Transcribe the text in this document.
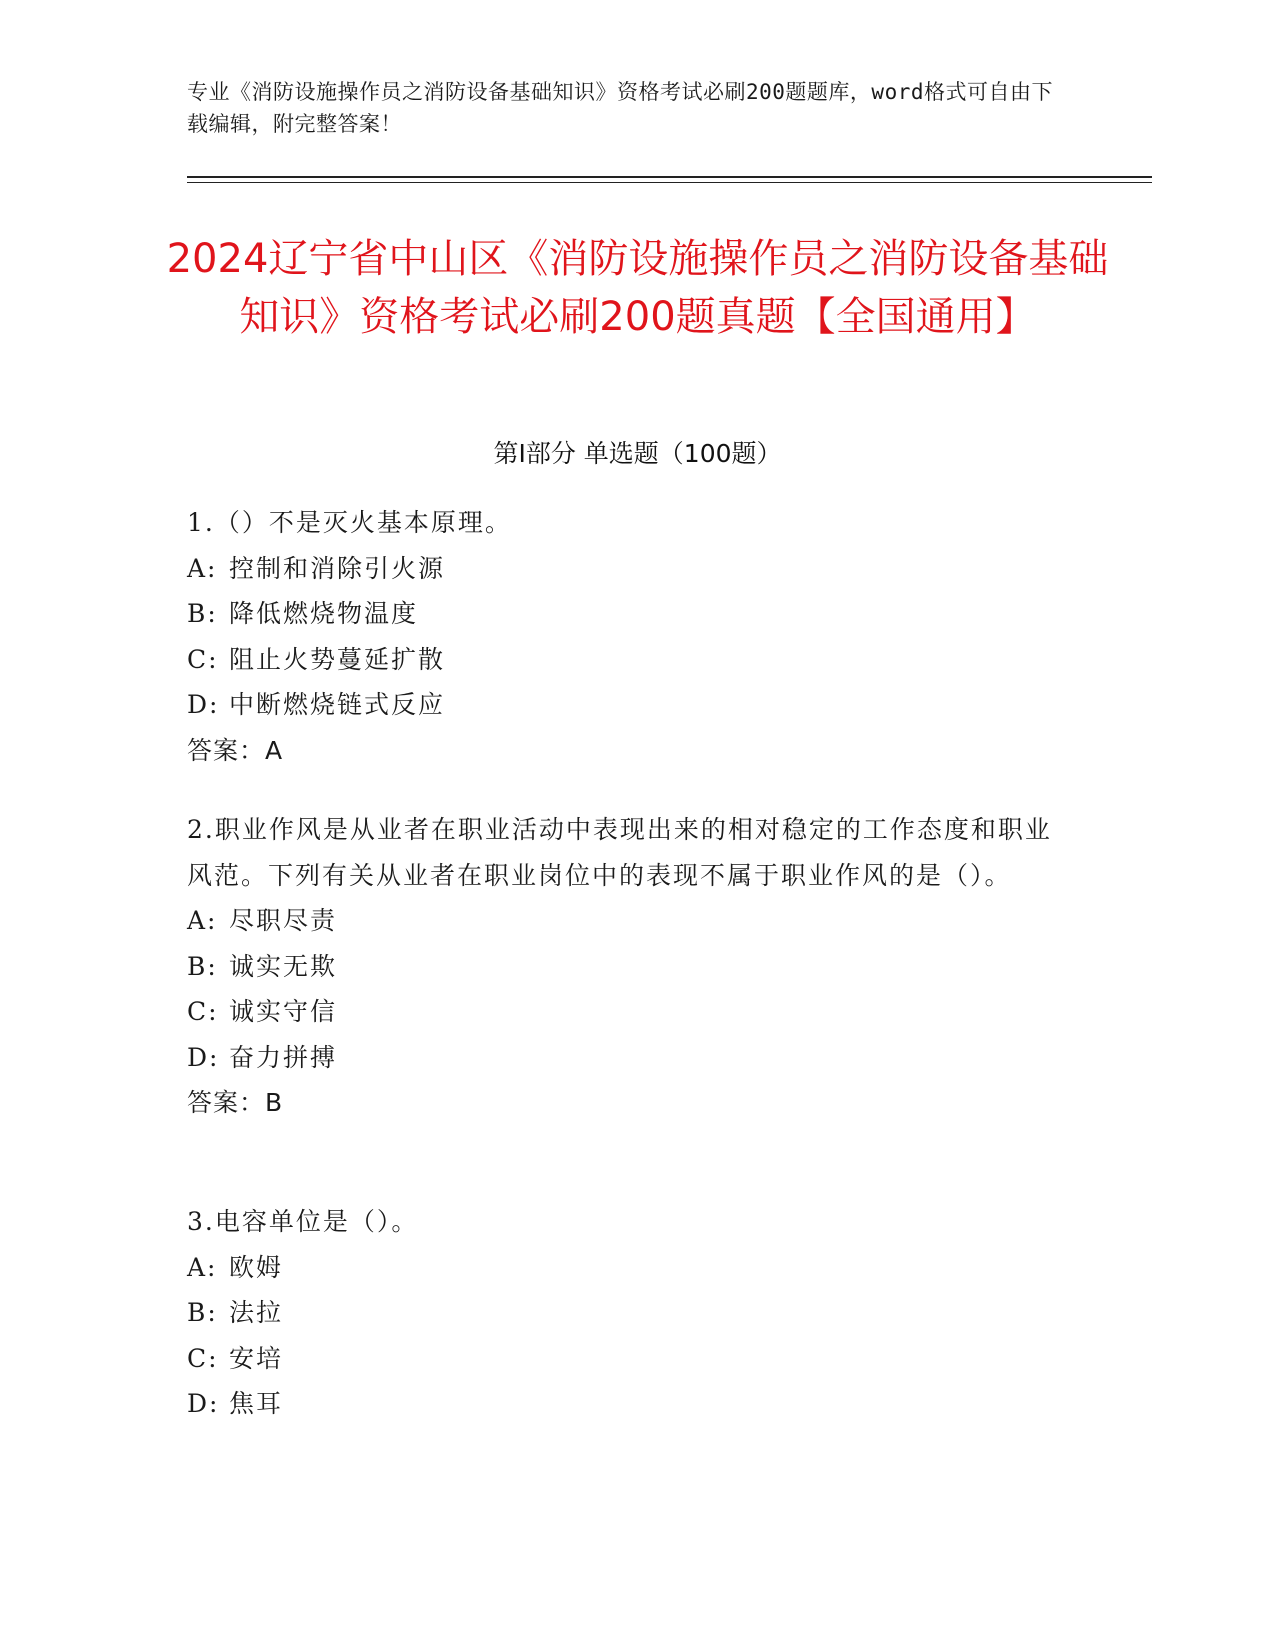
专业《消防设施操作员之消防设备基础知识》资格考试必刷200题题库，word格式可自由下载编辑，附完整答案！
2024辽宁省中山区《消防设施操作员之消防设备基础知识》资格考试必刷200题真题【全国通用】
第Ⅰ部分 单选题（100题）
1.（）不是灭火基本原理。
A: 控制和消除引火源
B: 降低燃烧物温度
C: 阻止火势蔓延扩散
D: 中断燃烧链式反应
答案：A
2.职业作风是从业者在职业活动中表现出来的相对稳定的工作态度和职业风范。下列有关从业者在职业岗位中的表现不属于职业作风的是（）。
A: 尽职尽责
B: 诚实无欺
C: 诚实守信
D: 奋力拼搏
答案：B
3.电容单位是（）。
A: 欧姆
B: 法拉
C: 安培
D: 焦耳
